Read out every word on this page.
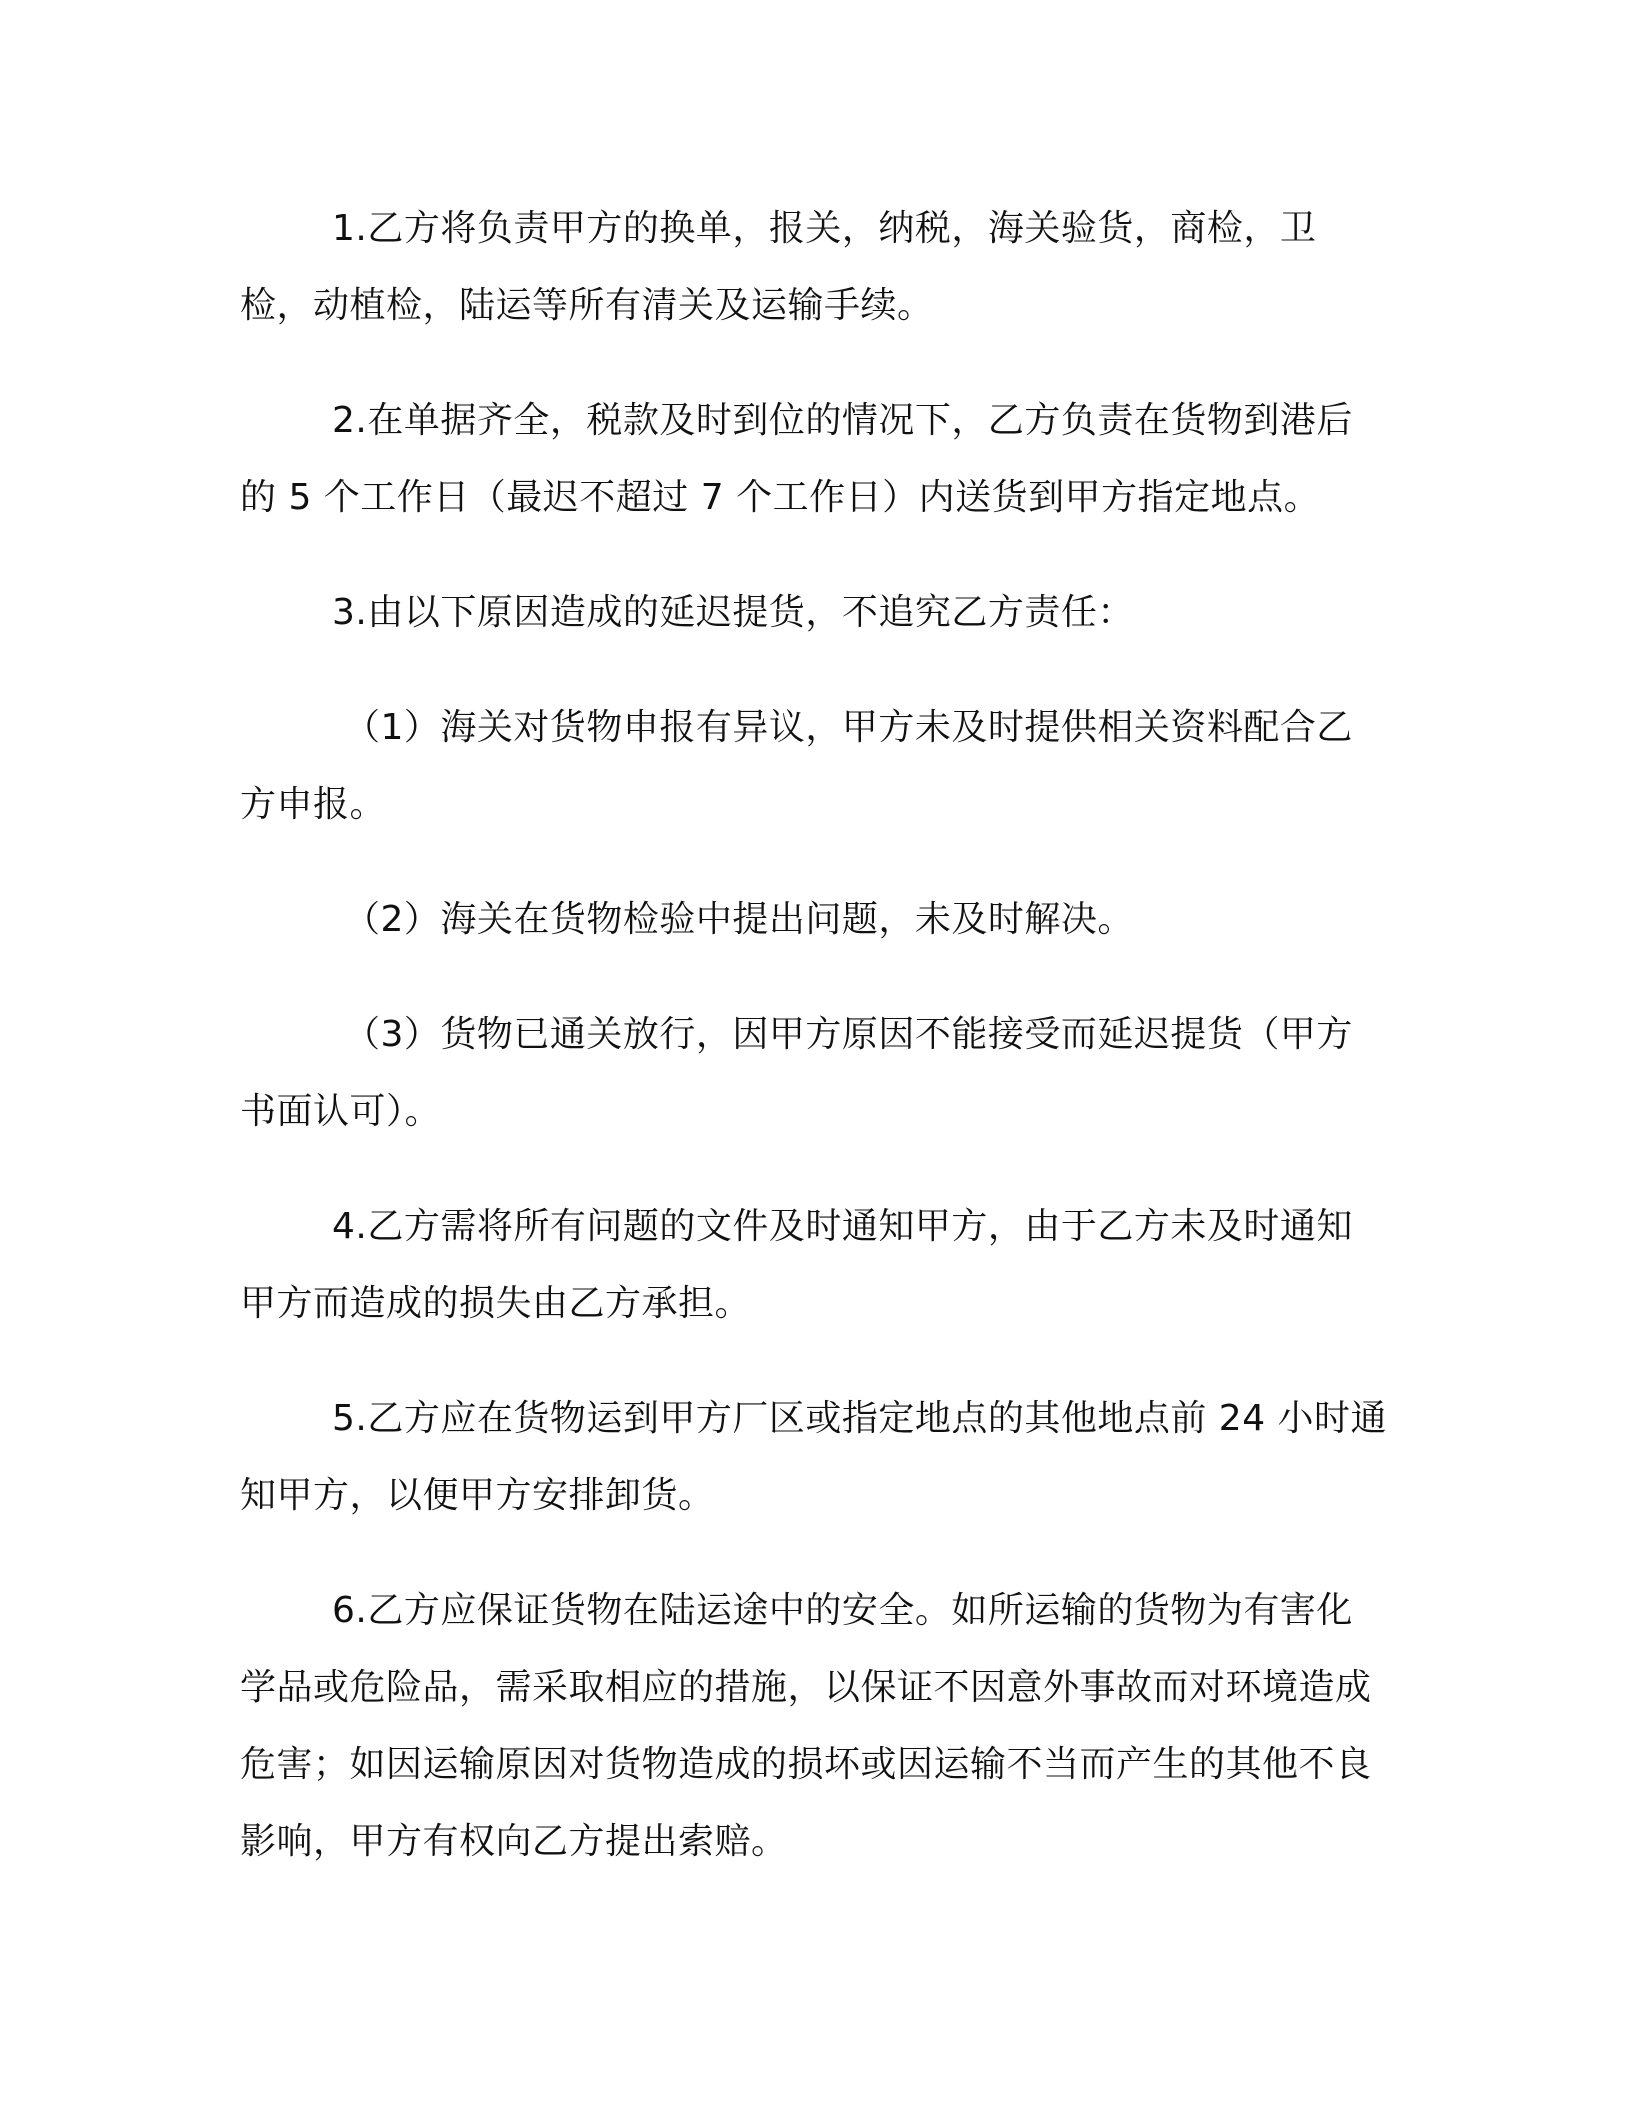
1.乙方将负责甲方的换单，报关，纳税，海关验货，商检，卫检，动植检，陆运等所有清关及运输手续。

2.在单据齐全，税款及时到位的情况下，乙方负责在货物到港后的 5 个工作日（最迟不超过 7 个工作日）内送货到甲方指定地点。

3.由以下原因造成的延迟提货，不追究乙方责任：

（1）海关对货物申报有异议，甲方未及时提供相关资料配合乙方申报。

（2）海关在货物检验中提出问题，未及时解决。

（3）货物已通关放行，因甲方原因不能接受而延迟提货（甲方书面认可）。

4.乙方需将所有问题的文件及时通知甲方，由于乙方未及时通知甲方而造成的损失由乙方承担。

5.乙方应在货物运到甲方厂区或指定地点的其他地点前 24 小时通知甲方，以便甲方安排卸货。

6.乙方应保证货物在陆运途中的安全。如所运输的货物为有害化学品或危险品，需采取相应的措施，以保证不因意外事故而对环境造成危害；如因运输原因对货物造成的损坏或因运输不当而产生的其他不良影响，甲方有权向乙方提出索赔。
